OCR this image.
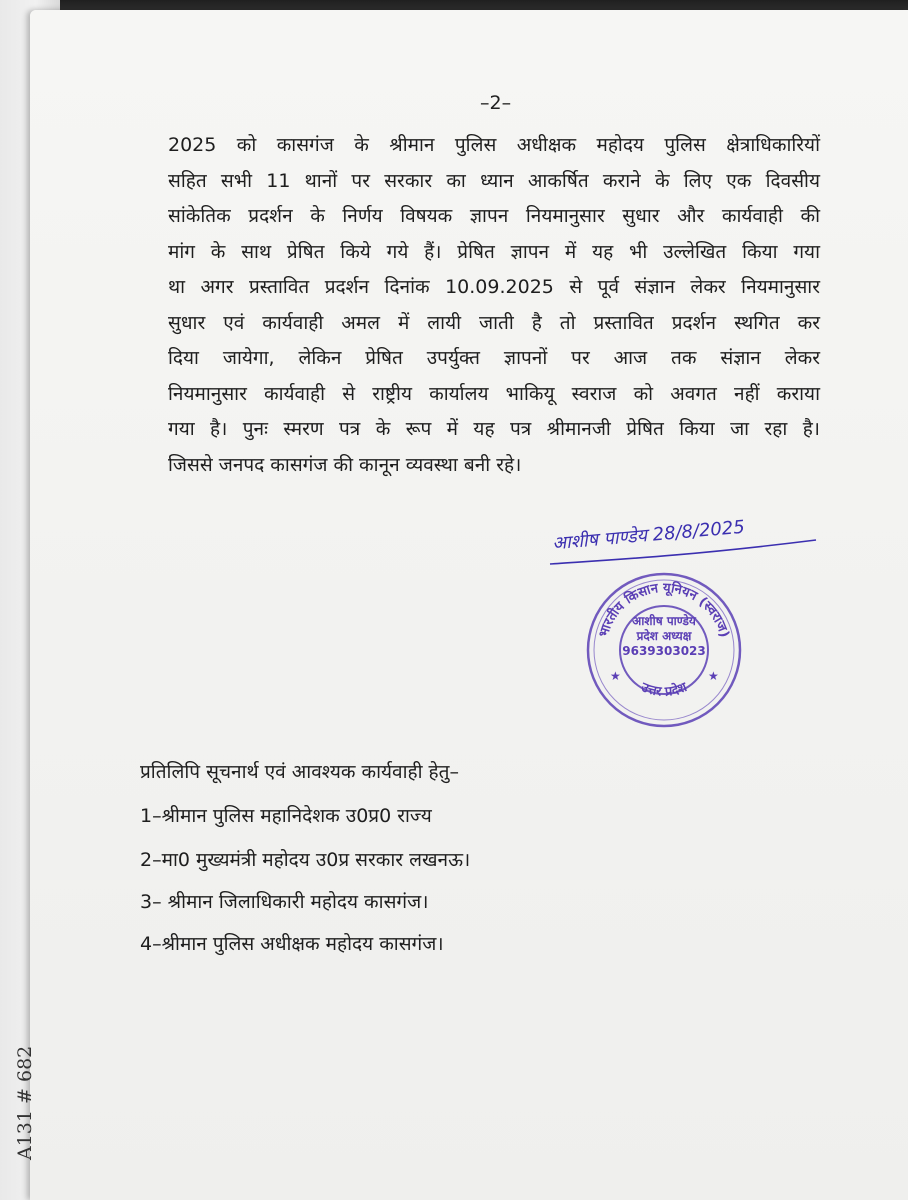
–2–
2025 को कासगंज के श्रीमान पुलिस अधीक्षक महोदय पुलिस क्षेत्राधिकारियों
सहित सभी 11 थानों पर सरकार का ध्यान आकर्षित कराने के लिए एक दिवसीय
सांकेतिक प्रदर्शन के निर्णय विषयक ज्ञापन नियमानुसार सुधार और कार्यवाही की
मांग के साथ प्रेषित किये गये हैं। प्रेषित ज्ञापन में यह भी उल्लेखित किया गया
था अगर प्रस्तावित प्रदर्शन दिनांक 10.09.2025 से पूर्व संज्ञान लेकर नियमानुसार
सुधार एवं कार्यवाही अमल में लायी जाती है तो प्रस्तावित प्रदर्शन स्थगित कर
दिया जायेगा, लेकिन प्रेषित उपर्युक्त ज्ञापनों पर आज तक संज्ञान लेकर
नियमानुसार कार्यवाही से राष्ट्रीय कार्यालय भाकियू स्वराज को अवगत नहीं कराया
गया है। पुनः स्मरण पत्र के रूप में यह पत्र श्रीमानजी प्रेषित किया जा रहा है।
जिससे जनपद कासगंज की कानून व्यवस्था बनी रहे।
आशीष पाण्डेय 28/8/2025
भारतीय किसान यूनियन (स्वराज)
उत्तर प्रदेश
★	★
आशीष पाण्डेय
प्रदेश अध्यक्ष
9639303023
प्रतिलिपि सूचनार्थ एवं आवश्यक कार्यवाही हेतु–
1–श्रीमान पुलिस महानिदेशक उ0प्र0 राज्य
2–मा0 मुख्यमंत्री महोदय उ0प्र सरकार लखनऊ।
3– श्रीमान जिलाधिकारी महोदय कासगंज।
4–श्रीमान पुलिस अधीक्षक महोदय कासगंज।
A131 # 682
